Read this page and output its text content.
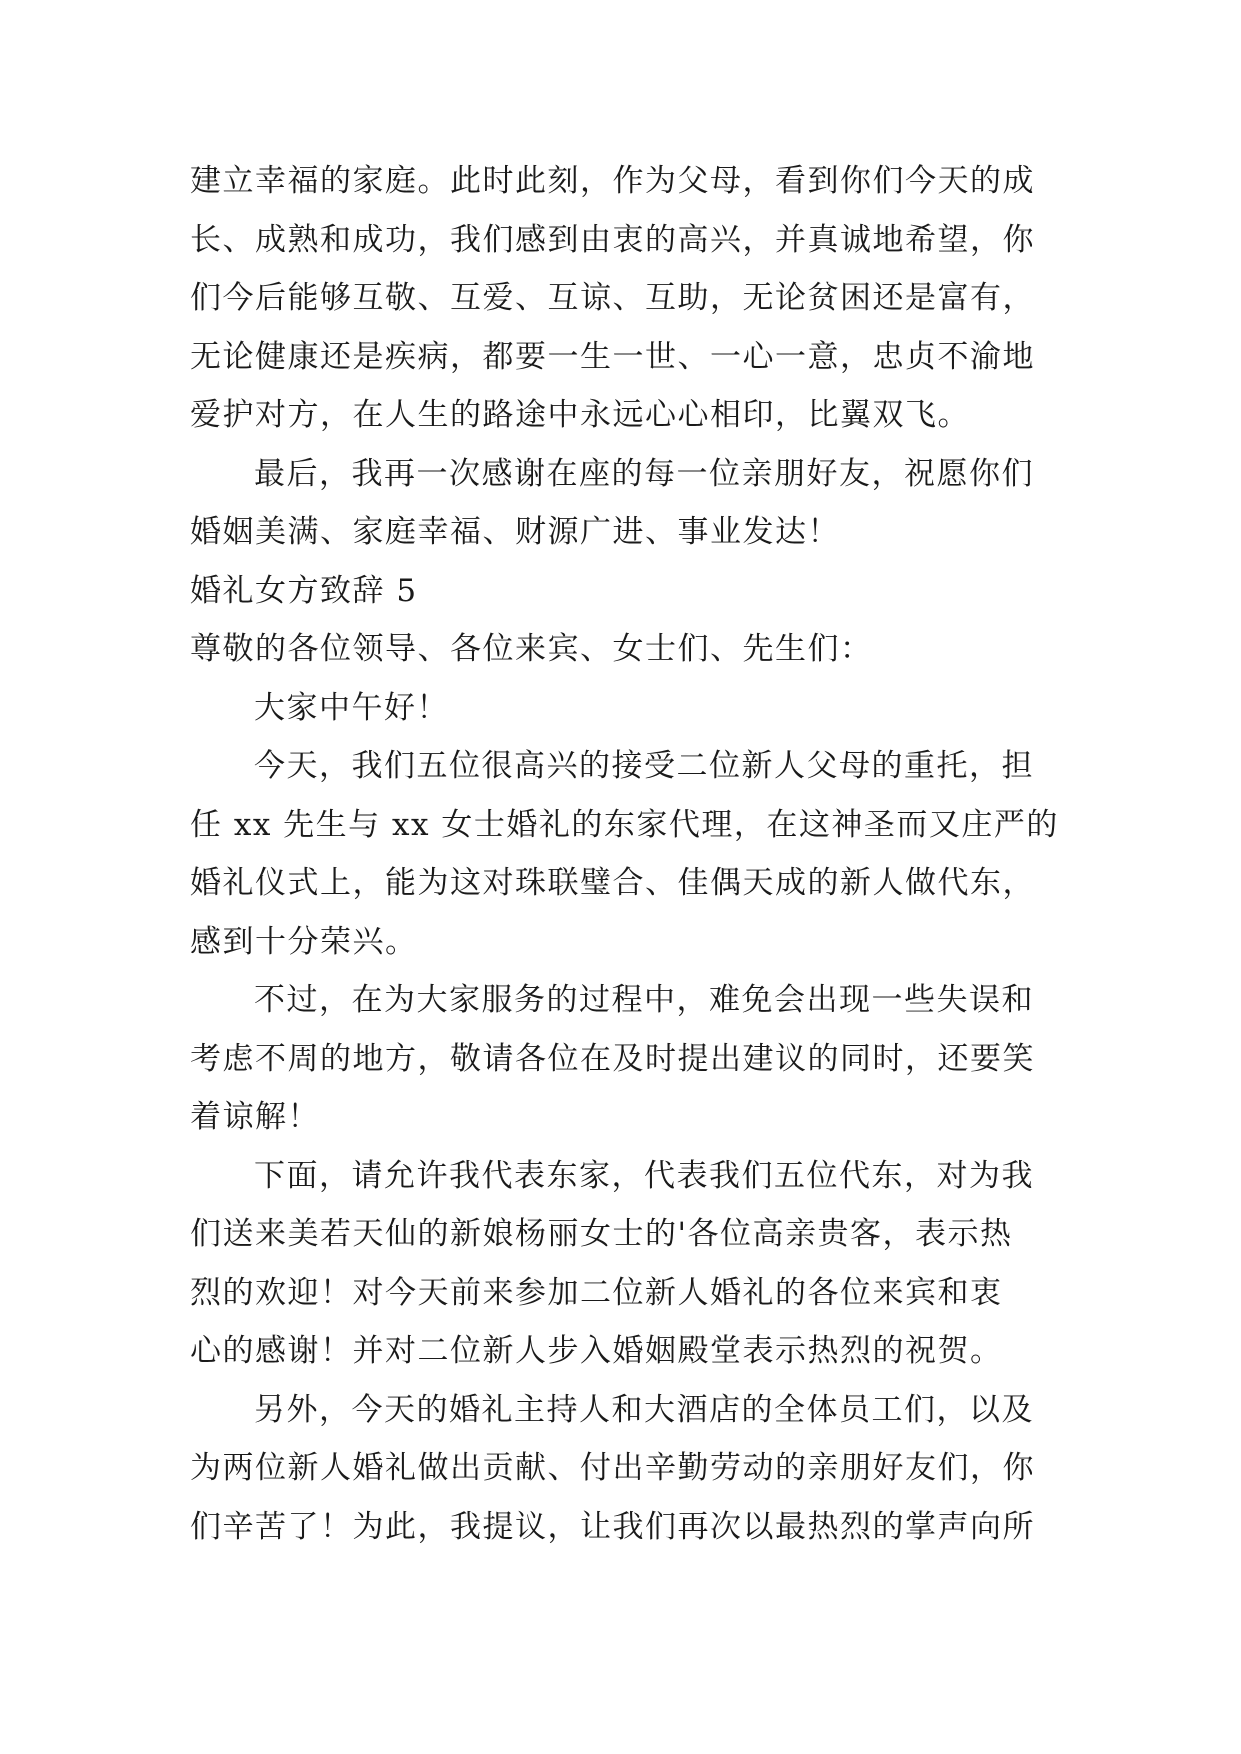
建立幸福的家庭。此时此刻，作为父母，看到你们今天的成
长、成熟和成功，我们感到由衷的高兴，并真诚地希望，你
们今后能够互敬、互爱、互谅、互助，无论贫困还是富有，
无论健康还是疾病，都要一生一世、一心一意，忠贞不渝地
爱护对方，在人生的路途中永远心心相印，比翼双飞。
最后，我再一次感谢在座的每一位亲朋好友，祝愿你们
婚姻美满、家庭幸福、财源广进、事业发达！
婚礼女方致辞 5
尊敬的各位领导、各位来宾、女士们、先生们：
大家中午好！
今天，我们五位很高兴的接受二位新人父母的重托，担
任 xx 先生与 xx 女士婚礼的东家代理，在这神圣而又庄严的
婚礼仪式上，能为这对珠联璧合、佳偶天成的新人做代东，
感到十分荣兴。
不过，在为大家服务的过程中，难免会出现一些失误和
考虑不周的地方，敬请各位在及时提出建议的同时，还要笑
着谅解！
下面，请允许我代表东家，代表我们五位代东，对为我
们送来美若天仙的新娘杨丽女士的'各位高亲贵客，表示热
烈的欢迎！对今天前来参加二位新人婚礼的各位来宾和衷
心的感谢！并对二位新人步入婚姻殿堂表示热烈的祝贺。
另外，今天的婚礼主持人和大酒店的全体员工们，以及
为两位新人婚礼做出贡献、付出辛勤劳动的亲朋好友们，你
们辛苦了！为此，我提议，让我们再次以最热烈的掌声向所
